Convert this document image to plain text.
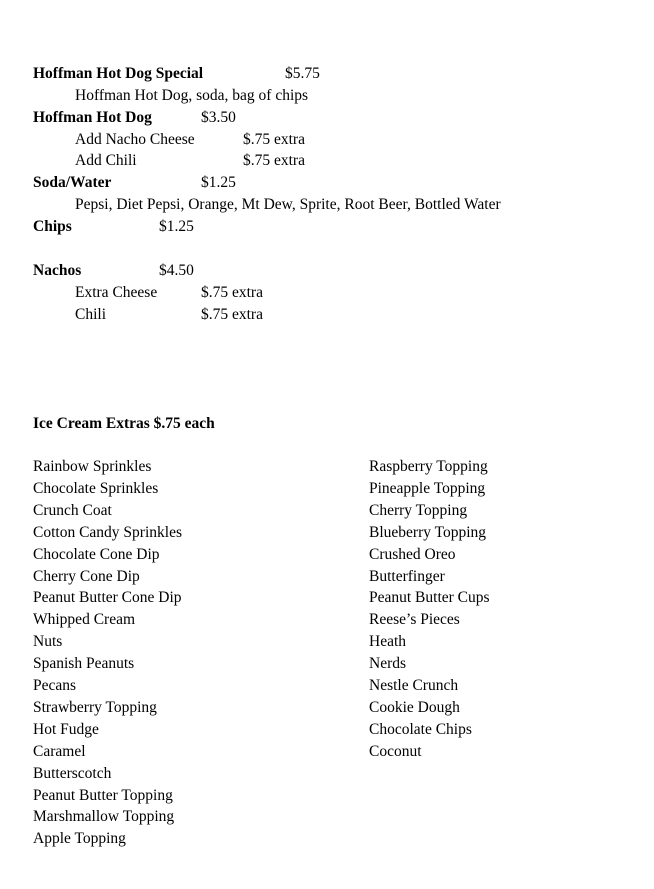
Hoffman Hot Dog Special	$5.75
Hoffman Hot Dog, soda, bag of chips
Hoffman Hot Dog	$3.50
Add Nacho Cheese	$.75 extra
Add Chili	$.75 extra
Soda/Water	$1.25
Pepsi, Diet Pepsi, Orange, Mt Dew, Sprite, Root Beer, Bottled Water
Chips	$1.25
Nachos	$4.50
Extra Cheese	$.75 extra
Chili	$.75 extra
Ice Cream Extras $.75 each
Rainbow Sprinkles
Chocolate Sprinkles
Crunch Coat
Cotton Candy Sprinkles
Chocolate Cone Dip
Cherry Cone Dip
Peanut Butter Cone Dip
Whipped Cream
Nuts
Spanish Peanuts
Pecans
Strawberry Topping
Hot Fudge
Caramel
Butterscotch
Peanut Butter Topping
Marshmallow Topping
Apple Topping
Raspberry Topping
Pineapple Topping
Cherry Topping
Blueberry Topping
Crushed Oreo
Butterfinger
Peanut Butter Cups
Reese’s Pieces
Heath
Nerds
Nestle Crunch
Cookie Dough
Chocolate Chips
Coconut
